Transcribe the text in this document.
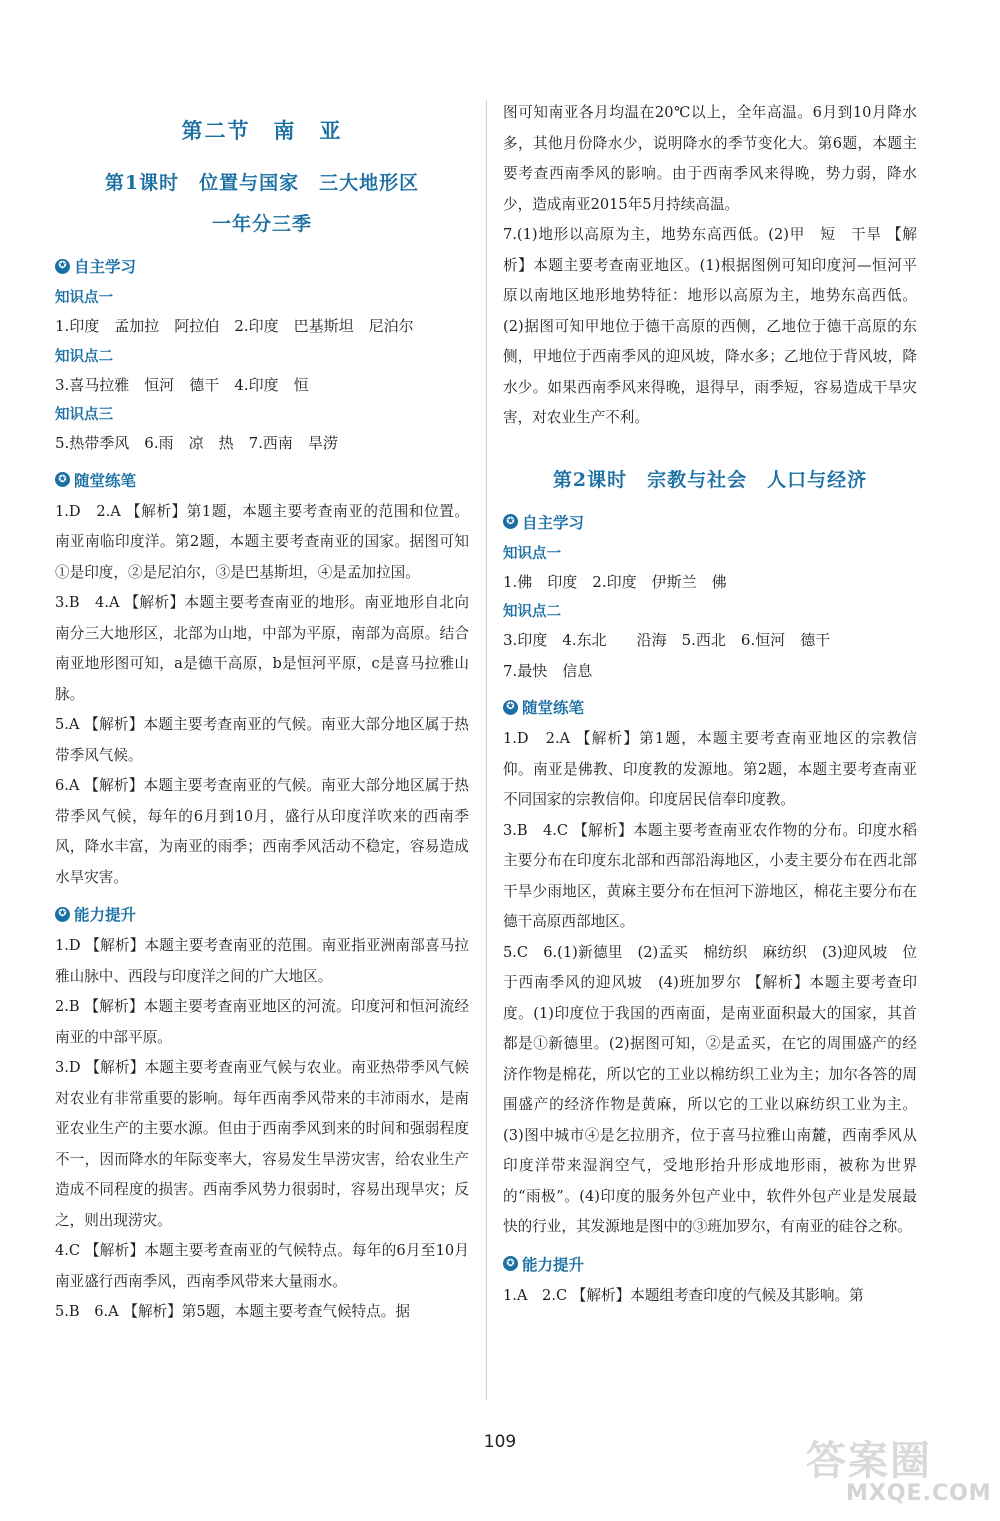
第二节　南　亚
第1课时　位置与国家　三大地形区
一年分三季
✪ 自主学习
知识点一
1.印度　孟加拉　阿拉伯　2.印度　巴基斯坦　尼泊尔
知识点二
3.喜马拉雅　恒河　德干　4.印度　恒
知识点三
5.热带季风　6.雨　凉　热　7.西南　旱涝
✪ 随堂练笔

1.D　2.A 【解析】第1题，本题主要考查南亚的范围和位置。南亚南临印度洋。第2题，本题主要考查南亚的国家。据图可知①是印度，②是尼泊尔，③是巴基斯坦，④是孟加拉国。

3.B　4.A 【解析】本题主要考查南亚的地形。南亚地形自北向南分三大地形区，北部为山地，中部为平原，南部为高原。结合南亚地形图可知，a是德干高原，b是恒河平原，c是喜马拉雅山脉。

5.A 【解析】本题主要考查南亚的气候。南亚大部分地区属于热带季风气候。

6.A 【解析】本题主要考查南亚的气候。南亚大部分地区属于热带季风气候，每年的6月到10月，盛行从印度洋吹来的西南季风，降水丰富，为南亚的雨季；西南季风活动不稳定，容易造成水旱灾害。

✪ 能力提升

1.D 【解析】本题主要考查南亚的范围。南亚指亚洲南部喜马拉雅山脉中、西段与印度洋之间的广大地区。

2.B 【解析】本题主要考查南亚地区的河流。印度河和恒河流经南亚的中部平原。

3.D 【解析】本题主要考查南亚气候与农业。南亚热带季风气候对农业有非常重要的影响。每年西南季风带来的丰沛雨水，是南亚农业生产的主要水源。但由于西南季风到来的时间和强弱程度不一，因而降水的年际变率大，容易发生旱涝灾害，给农业生产造成不同程度的损害。西南季风势力很弱时，容易出现旱灾；反之，则出现涝灾。

4.C 【解析】本题主要考查南亚的气候特点。每年的6月至10月南亚盛行西南季风，西南季风带来大量雨水。

5.B　6.A 【解析】第5题，本题主要考查气候特点。据

图可知南亚各月均温在20℃以上，全年高温。6月到10月降水多，其他月份降水少，说明降水的季节变化大。第6题，本题主要考查西南季风的影响。由于西南季风来得晚，势力弱，降水少，造成南亚2015年5月持续高温。

7.(1)地形以高原为主，地势东高西低。(2)甲　短　干旱 【解析】本题主要考查南亚地区。(1)根据图例可知印度河—恒河平原以南地区地形地势特征：地形以高原为主，地势东高西低。(2)据图可知甲地位于德干高原的西侧，乙地位于德干高原的东侧，甲地位于西南季风的迎风坡，降水多；乙地位于背风坡，降水少。如果西南季风来得晚，退得早，雨季短，容易造成干旱灾害，对农业生产不利。

第2课时　宗教与社会　人口与经济
✪ 自主学习
知识点一
1.佛　印度　2.印度　伊斯兰　佛
知识点二
3.印度　4.东北　　沿海　5.西北　6.恒河　德干
7.最快　信息
✪ 随堂练笔

1.D　2.A 【解析】第1题，本题主要考查南亚地区的宗教信仰。南亚是佛教、印度教的发源地。第2题，本题主要考查南亚不同国家的宗教信仰。印度居民信奉印度教。

3.B　4.C 【解析】本题主要考查南亚农作物的分布。印度水稻主要分布在印度东北部和西部沿海地区，小麦主要分布在西北部干旱少雨地区，黄麻主要分布在恒河下游地区，棉花主要分布在德干高原西部地区。

5.C　6.(1)新德里　(2)孟买　棉纺织　麻纺织　(3)迎风坡　位于西南季风的迎风坡　(4)班加罗尔 【解析】本题主要考查印度。(1)印度位于我国的西南面，是南亚面积最大的国家，其首都是①新德里。(2)据图可知，②是孟买，在它的周围盛产的经济作物是棉花，所以它的工业以棉纺织工业为主；加尔各答的周围盛产的经济作物是黄麻，所以它的工业以麻纺织工业为主。(3)图中城市④是乞拉朋齐，位于喜马拉雅山南麓，西南季风从印度洋带来湿润空气，受地形抬升形成地形雨，被称为世界的“雨极”。(4)印度的服务外包产业中，软件外包产业是发展最快的行业，其发源地是图中的③班加罗尔，有南亚的硅谷之称。

✪ 能力提升

1.A　2.C 【解析】本题组考查印度的气候及其影响。第

109	答案圈
MXQE.COM
